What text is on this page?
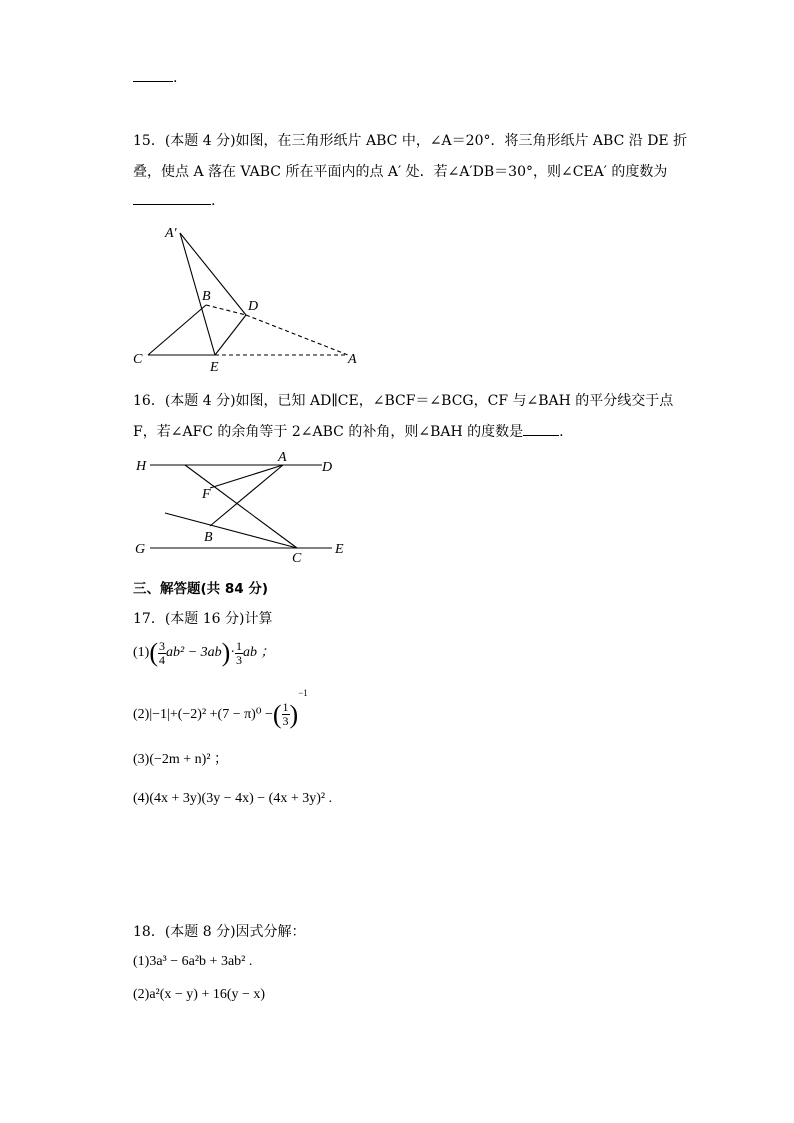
.
15．(本题 4 分)如图，在三角形纸片 ABC 中，∠A＝20°．将三角形纸片 ABC 沿 DE 折
叠，使点 A 落在 VABC 所在平面内的点 A′ 处．若∠A′DB＝30°，则∠CEA′ 的度数为
.
A′
B
D
C
E
A
16．(本题 4 分)如图，已知 AD∥CE，∠BCF＝∠BCG，CF 与∠BAH 的平分线交于点
F，若∠AFC 的余角等于 2∠ABC 的补角，则∠BAH 的度数是	.
H
A
D
F
B
G
C
E
三、解答题(共 84 分)
17．(本题 16 分)计算
$(1)( \frac{3}{4} ab^2 - 3ab)\cdot \frac{1}{3}$ ab ；
(2)|−1|+(−2)² +(7 − π)⁰ −( $\frac{1}{3} )^{-1}$
(3)(−2m + n)² ；
(4)(4x + 3y)(3y − 4x) − (4x + 3y)² .
18．(本题 8 分)因式分解：
(1)3a³ − 6a²b + 3ab² .
(2)a²(x − y) + 16(y − x)
